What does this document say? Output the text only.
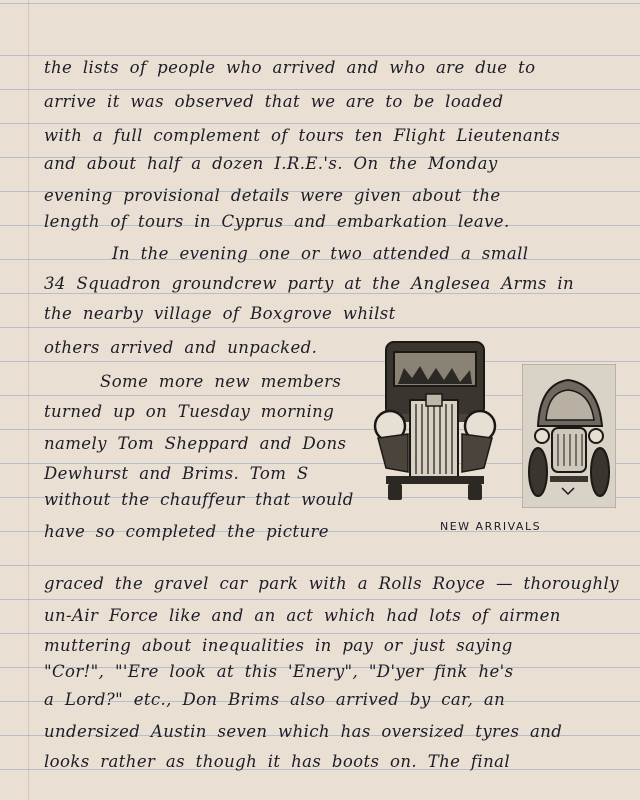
the lists of people who arrived and who are due to
arrive it was observed that we are to be loaded
with a full complement of tours ten Flight Lieutenants
and about half a dozen I.R.E.'s. On the Monday
evening provisional details were given about the
length of tours in Cyprus and embarkation leave.
In the evening one or two attended a small
34 Squadron groundcrew party at the Anglesea Arms in
the nearby village of Boxgrove whilst
others arrived and unpacked.
Some more new members
turned up on Tuesday morning
namely Tom Sheppard and Dons
Dewhurst and Brims. Tom S
without the chauffeur that would
have so completed the picture
graced the gravel car park with a Rolls Royce — thoroughly
un-Air Force like and an act which had lots of airmen
muttering about inequalities in pay or just saying
"Cor!", "'Ere look at this 'Enery", "D'yer fink he's
a Lord?" etc., Don Brims also arrived by car, an
undersized Austin seven which has oversized tyres and
looks rather as though it has boots on. The final
NEW ARRIVALS
